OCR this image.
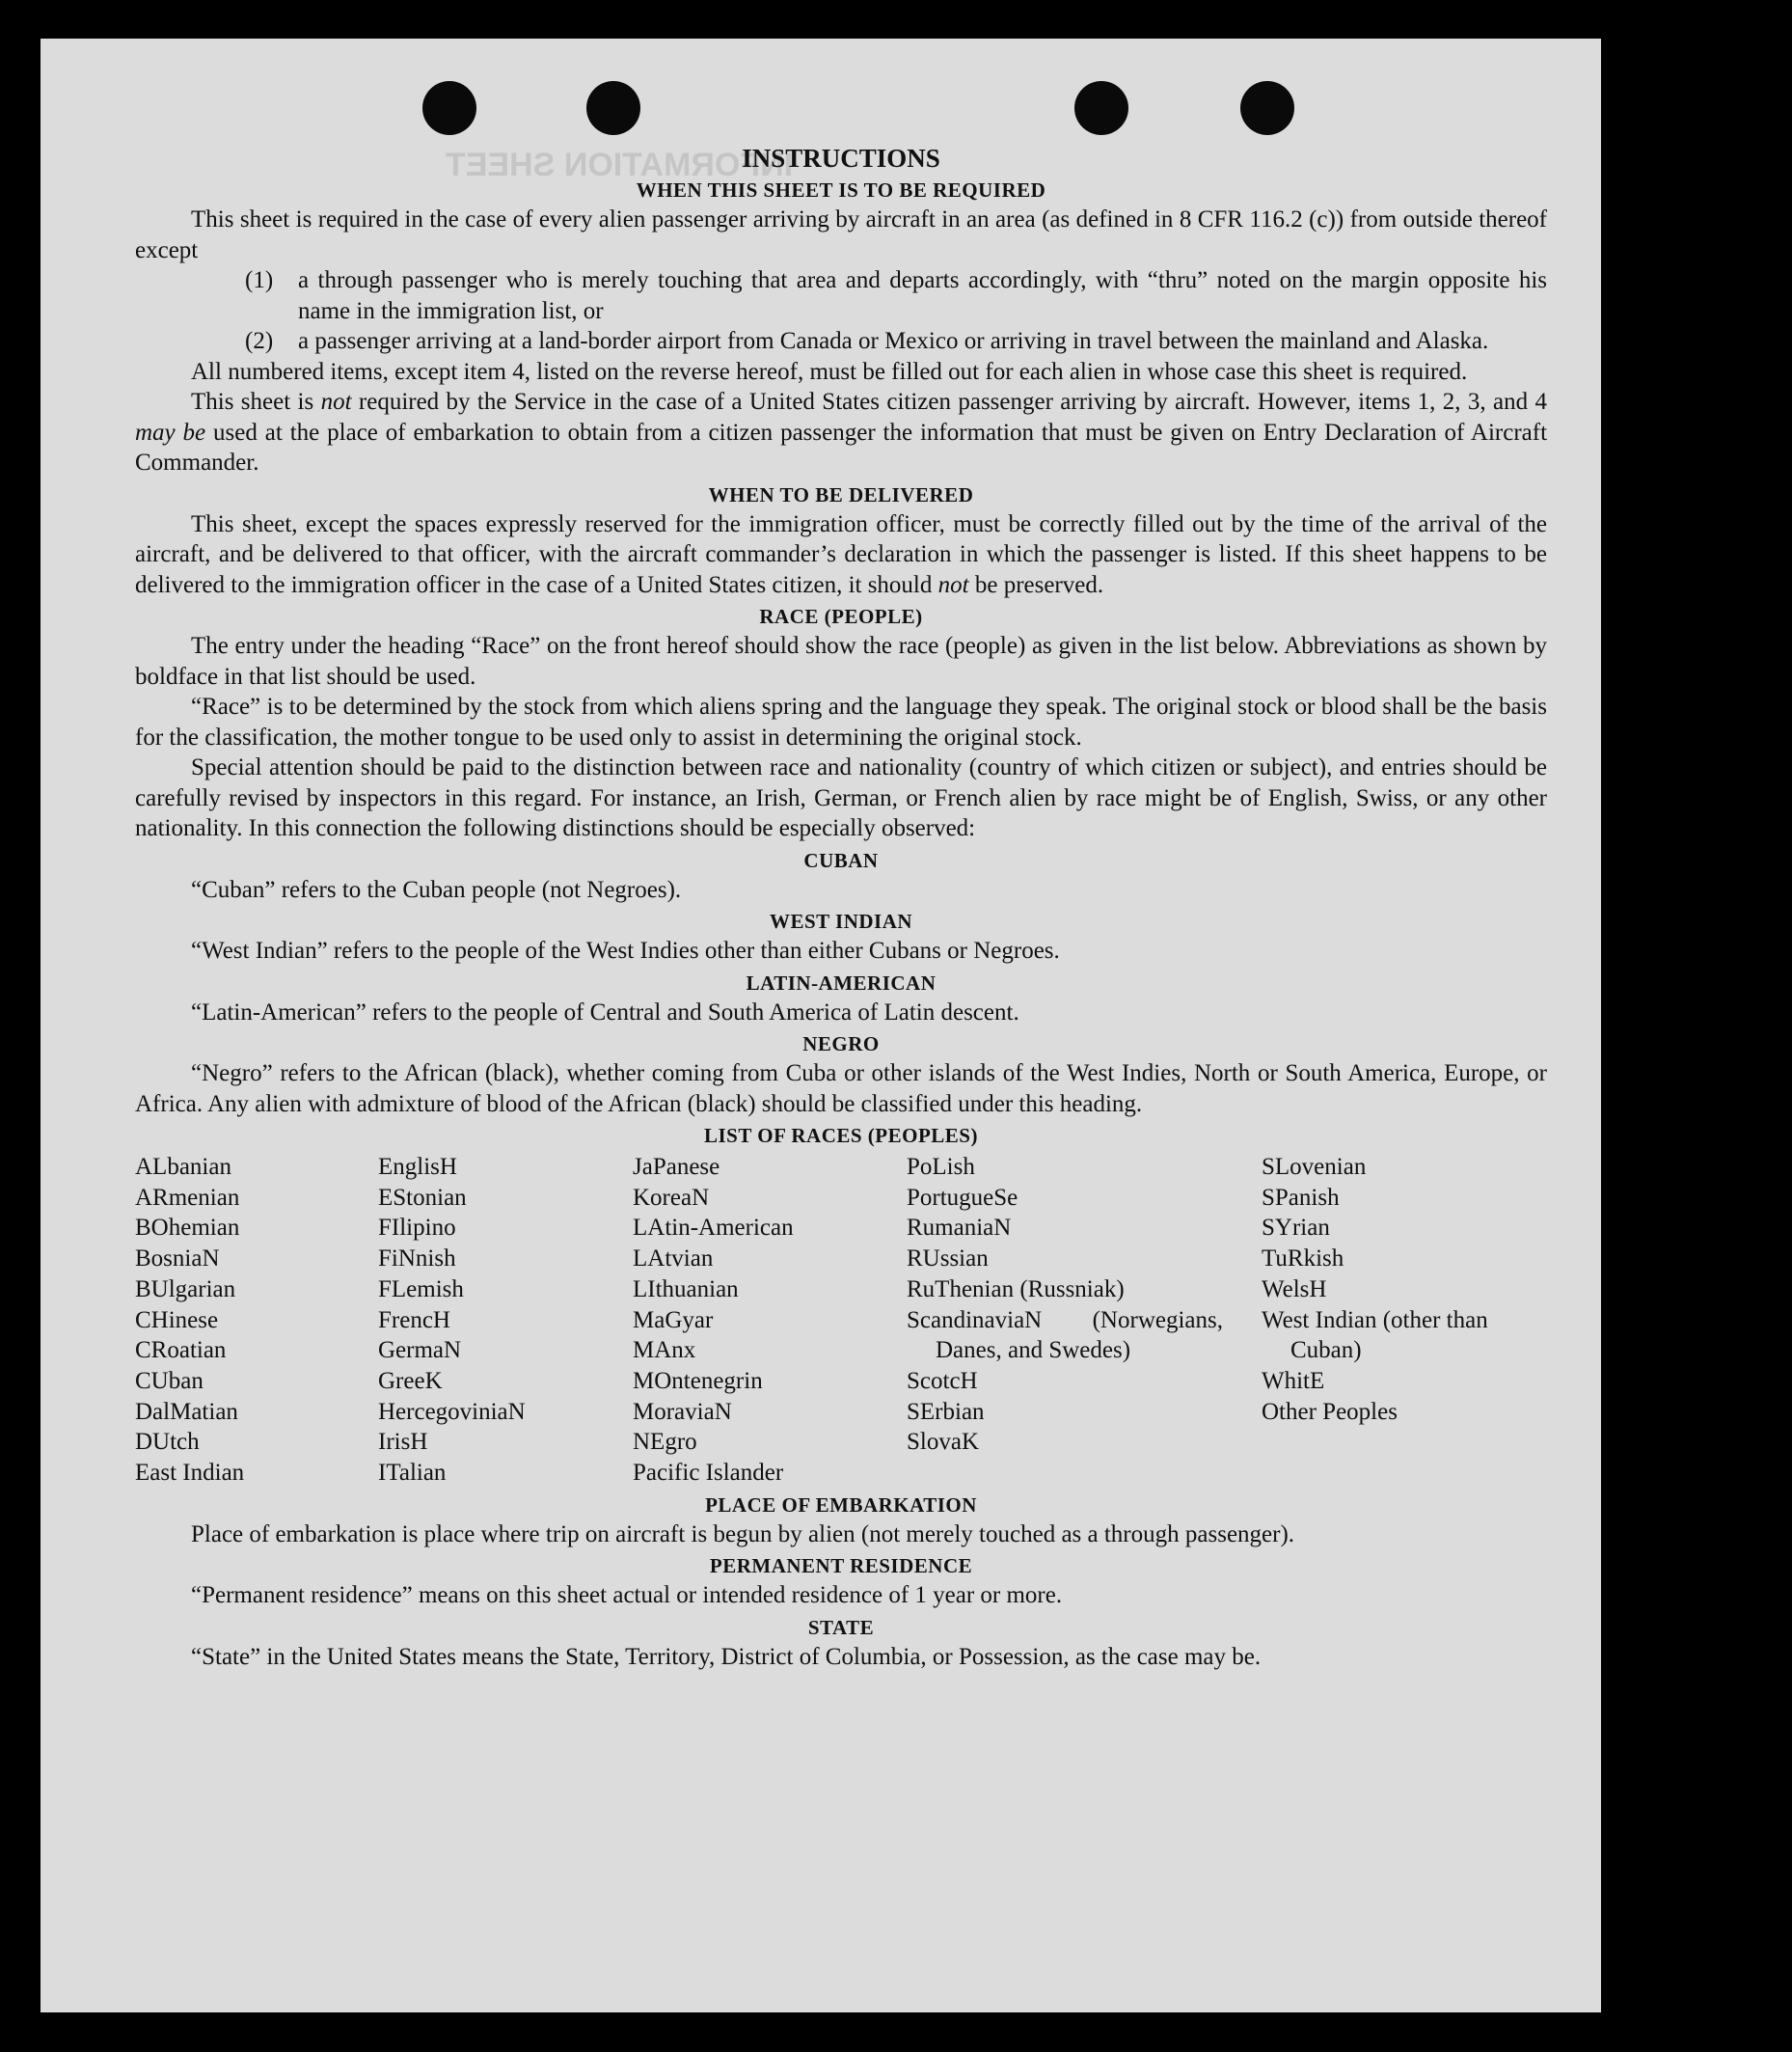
INFORMATION SHEET
INSTRUCTIONS
WHEN THIS SHEET IS TO BE REQUIRED

This sheet is required in the case of every alien passenger arriving by aircraft in an area (as defined in 8 CFR 116.2 (c)) from outside thereof except

(1)	a through passenger who is merely touching that area and departs accordingly, with “thru” noted on the margin opposite his name in the immigration list, or
(2)	a passenger arriving at a land-border airport from Canada or Mexico or arriving in travel between the mainland and Alaska.

All numbered items, except item 4, listed on the reverse hereof, must be filled out for each alien in whose case this sheet is required.

This sheet is not required by the Service in the case of a United States citizen passenger arriving by aircraft. However, items 1, 2, 3, and 4 may be used at the place of embarkation to obtain from a citizen passenger the information that must be given on Entry Declaration of Aircraft Commander.

WHEN TO BE DELIVERED

This sheet, except the spaces expressly reserved for the immigration officer, must be correctly filled out by the time of the arrival of the aircraft, and be delivered to that officer, with the aircraft commander’s declaration in which the passenger is listed. If this sheet happens to be delivered to the immigration officer in the case of a United States citizen, it should not be preserved.

RACE (PEOPLE)

The entry under the heading “Race” on the front hereof should show the race (people) as given in the list below. Abbreviations as shown by boldface in that list should be used.

“Race” is to be determined by the stock from which aliens spring and the language they speak. The original stock or blood shall be the basis for the classification, the mother tongue to be used only to assist in determining the original stock.

Special attention should be paid to the distinction between race and nationality (country of which citizen or subject), and entries should be carefully revised by inspectors in this regard. For instance, an Irish, German, or French alien by race might be of English, Swiss, or any other nationality. In this connection the following distinctions should be especially observed:

CUBAN

“Cuban” refers to the Cuban people (not Negroes).

WEST INDIAN

“West Indian” refers to the people of the West Indies other than either Cubans or Negroes.

LATIN-AMERICAN

“Latin-American” refers to the people of Central and South America of Latin descent.

NEGRO

“Negro” refers to the African (black), whether coming from Cuba or other islands of the West Indies, North or South America, Europe, or Africa. Any alien with admixture of blood of the African (black) should be classified under this heading.

LIST OF RACES (PEOPLES)
ALbanian
ARmenian
BOhemian
BosniaN
BUlgarian
CHinese
CRoatian
CUban
DalMatian
DUtch
East Indian
EnglisH
EStonian
FIlipino
FiNnish
FLemish
FrencH
GermaN
GreeK
HercegoviniaN
IrisH
ITalian
JaPanese
KoreaN
LAtin-American
LAtvian
LIthuanian
MaGyar
MAnx
MOntenegrin
MoraviaN
NEgro
Pacific Islander
PoLish
PortugueSe
RumaniaN
RUssian
RuThenian (Russniak)
ScandinaviaN (Norwegians, Danes, and Swedes)
ScotcH
SErbian
SlovaK
SLovenian
SPanish
SYrian
TuRkish
WelsH
West Indian (other than Cuban)
WhitE
Other Peoples
PLACE OF EMBARKATION

Place of embarkation is place where trip on aircraft is begun by alien (not merely touched as a through passenger).

PERMANENT RESIDENCE

“Permanent residence” means on this sheet actual or intended residence of 1 year or more.

STATE

“State” in the United States means the State, Territory, District of Columbia, or Possession, as the case may be.
